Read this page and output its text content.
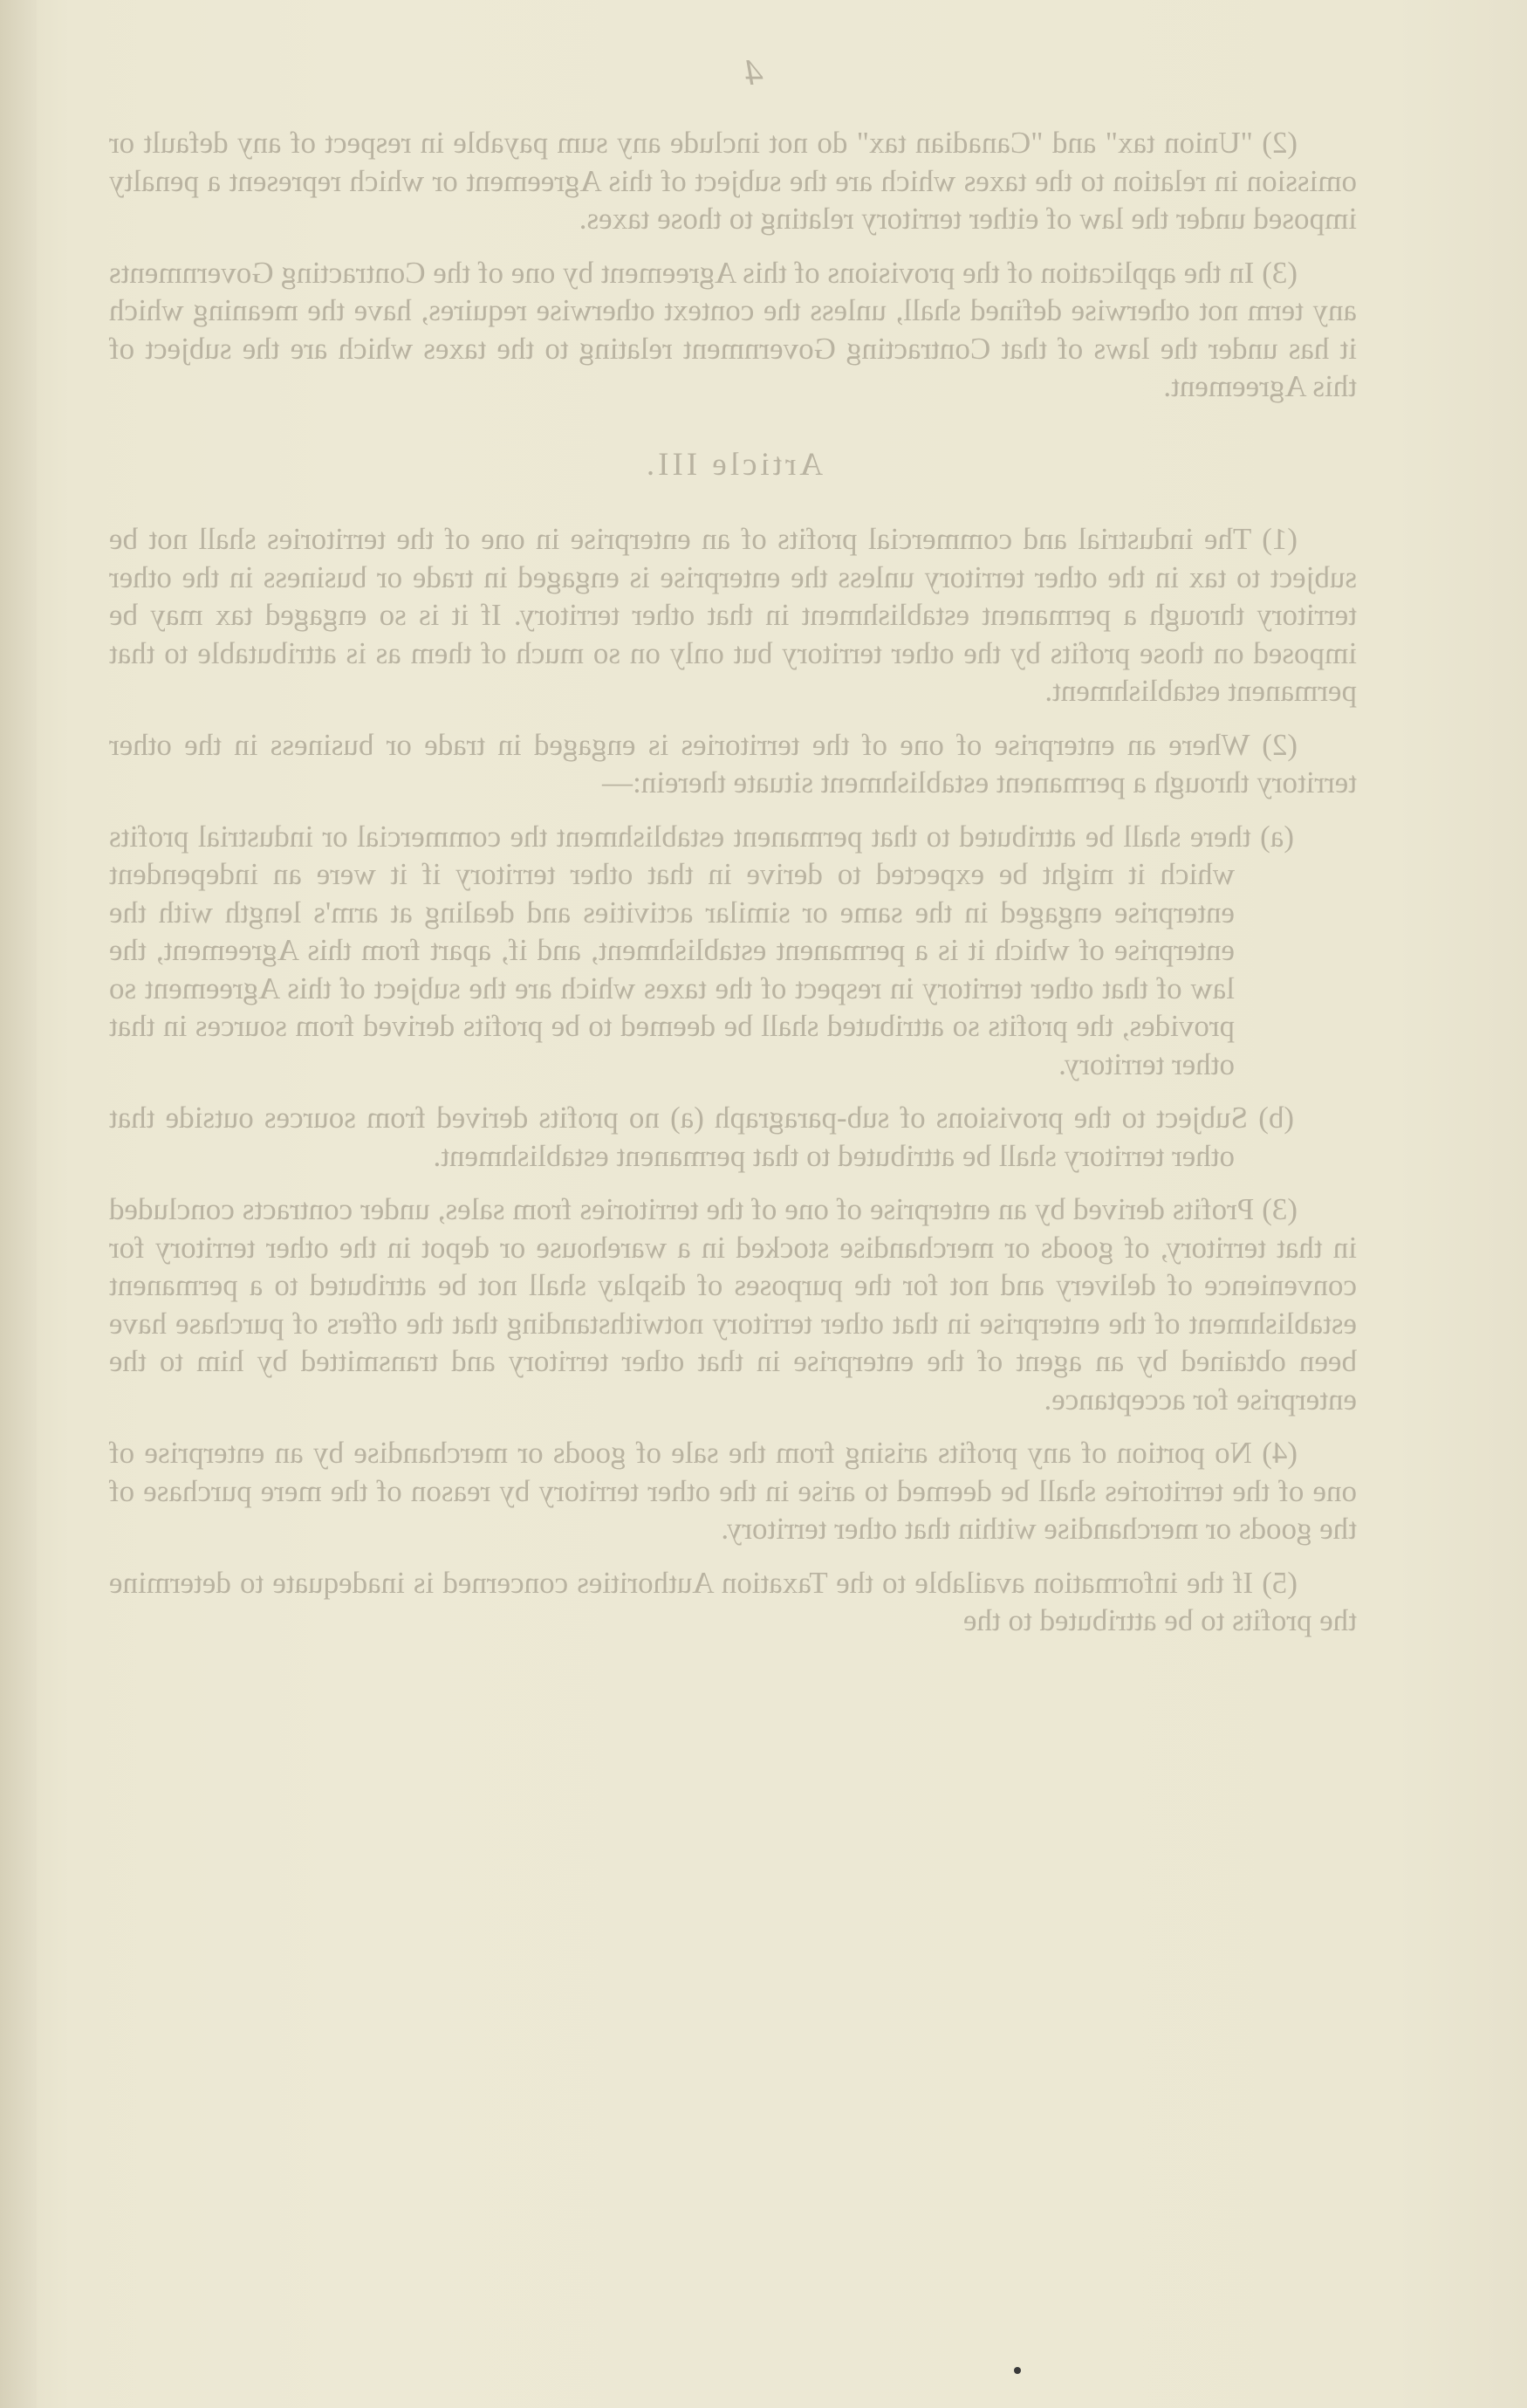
4

(2) "Union tax" and "Canadian tax" do not include any sum payable in respect of any default or omission in relation to the taxes which are the subject of this Agreement or which represent a penalty imposed under the law of either territory relating to those taxes.

(3) In the application of the provisions of this Agreement by one of the Contracting Governments any term not otherwise defined shall, unless the context otherwise requires, have the meaning which it has under the laws of that Contracting Government relating to the taxes which are the subject of this Agreement.

Article III.

(1) The industrial and commercial profits of an enterprise in one of the territories shall not be subject to tax in the other territory unless the enterprise is engaged in trade or business in the other territory through a permanent establishment in that other territory. If it is so engaged tax may be imposed on those profits by the other territory but only on so much of them as is attributable to that permanent establishment.

(2) Where an enterprise of one of the territories is engaged in trade or business in the other territory through a permanent establishment situate therein:—

(a) there shall be attributed to that permanent establishment the commercial or industrial profits which it might be expected to derive in that other territory if it were an independent enterprise engaged in the same or similar activities and dealing at arm's length with the enterprise of which it is a permanent establishment, and if, apart from this Agreement, the law of that other territory in respect of the taxes which are the subject of this Agreement so provides, the profits so attributed shall be deemed to be profits derived from sources in that other territory.

(b) Subject to the provisions of sub-paragraph (a) no profits derived from sources outside that other territory shall be attributed to that permanent establishment.

(3) Profits derived by an enterprise of one of the territories from sales, under contracts concluded in that territory, of goods or merchandise stocked in a warehouse or depot in the other territory for convenience of delivery and not for the purposes of display shall not be attributed to a permanent establishment of the enterprise in that other territory notwithstanding that the offers of purchase have been obtained by an agent of the enterprise in that other territory and transmitted by him to the enterprise for acceptance.

(4) No portion of any profits arising from the sale of goods or merchandise by an enterprise of one of the territories shall be deemed to arise in the other territory by reason of the mere purchase of the goods or merchandise within that other territory.

(5) If the information available to the Taxation Authorities concerned is inadequate to determine the profits to be attributed to the
